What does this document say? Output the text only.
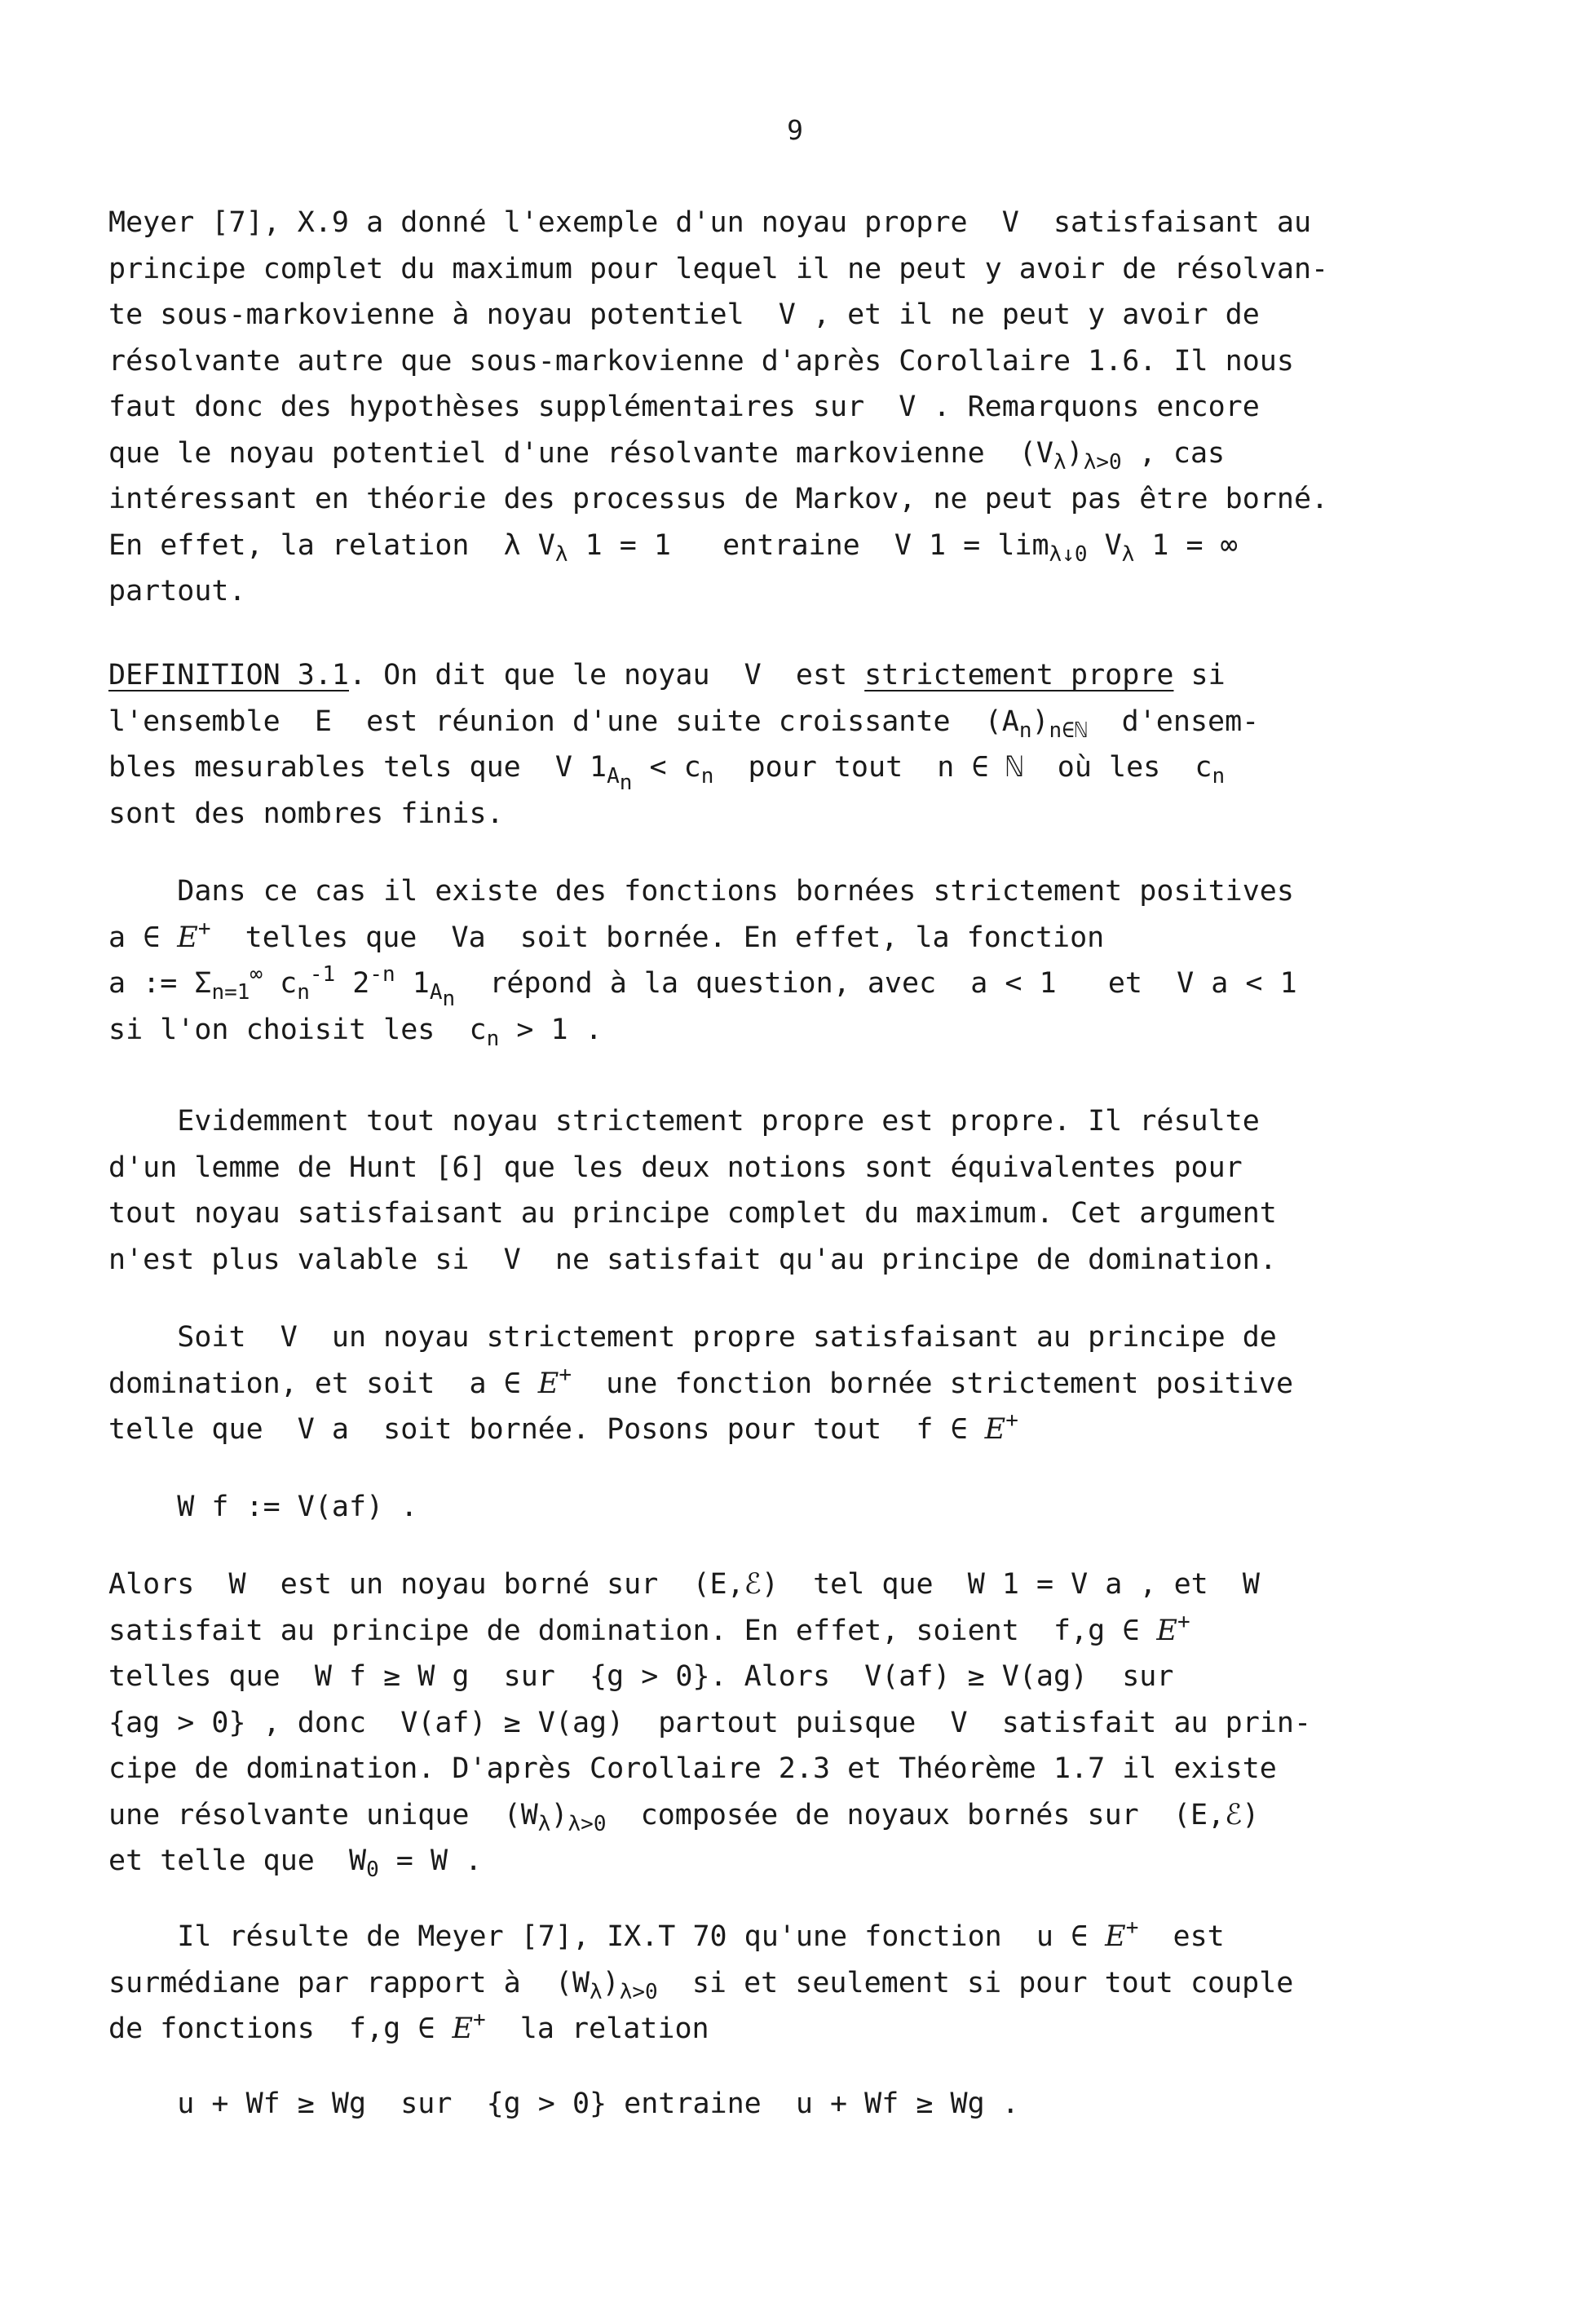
9
Meyer [7], X.9 a donné l'exemple d'un noyau propre  V  satisfaisant au
principe complet du maximum pour lequel il ne peut y avoir de résolvan-
te sous-markovienne à noyau potentiel  V , et il ne peut y avoir de
résolvante autre que sous-markovienne d'après Corollaire 1.6. Il nous
faut donc des hypothèses supplémentaires sur  V . Remarquons encore
que le noyau potentiel d'une résolvante markovienne  $(V_\lambda)_{\lambda>0}$ , cas
intéressant en théorie des processus de Markov, ne peut pas être borné.
En effet, la relation  λ $V_\lambda$ 1 = 1   entraine  V $1 = \lim_{\lambda↓0} V_\lambda$ 1 = ∞
partout.
DEFINITION 3.1. On dit que le noyau  V  est strictement propre si
l'ensemble  E  est réunion d'une suite croissante  $(A_n)_{n\in ℕ}$  d'ensem-
bles mesurables tels que  V $1_{A_n} < c_n$  pour tout  n ∈ ℕ  où les  $c_n$
sont des nombres finis.
Dans ce cas il existe des fonctions bornées strictement positives
a ∈ E+  telles que  Va  soit bornée. En effet, la fonction
a := $\Sigma_{n=1}^\infty$ $c_n^{-1}$ $2^{-n}$ $1_{A_n}$  répond à la question, avec  a < 1   et  V a < 1
si l'on choisit les  $c_n > 1$ .
Evidemment tout noyau strictement propre est propre. Il résulte
d'un lemme de Hunt [6] que les deux notions sont équivalentes pour
tout noyau satisfaisant au principe complet du maximum. Cet argument
n'est plus valable si  V  ne satisfait qu'au principe de domination.
Soit  V  un noyau strictement propre satisfaisant au principe de
domination, et soit  a ∈ E+  une fonction bornée strictement positive
telle que  V a  soit bornée. Posons pour tout  f ∈ E+
W f := V(af) .
Alors  W  est un noyau borné sur  (E,ℰ)  tel que  W 1 = V a , et  W
satisfait au principe de domination. En effet, soient  f,g ∈ E+
telles que  W f ≥ W g  sur  {g > 0}. Alors  V(af) ≥ V(ag)  sur
{ag > 0} , donc  V(af) ≥ V(ag)  partout puisque  V  satisfait au prin-
cipe de domination. D'après Corollaire 2.3 et Théorème 1.7 il existe
une résolvante unique  $(W_\lambda)_{\lambda>0}$  composée de noyaux bornés sur  (E,ℰ)
et telle que  $W_0 = W$ .
Il résulte de Meyer [7], IX.T 70 qu'une fonction  u ∈ E+  est
surmédiane par rapport à  $(W_\lambda)_{\lambda>0}$  si et seulement si pour tout couple
de fonctions  f,g ∈ E+  la relation
u + Wf ≥ Wg  sur  {g > 0} entraine  u + Wf ≥ Wg .
